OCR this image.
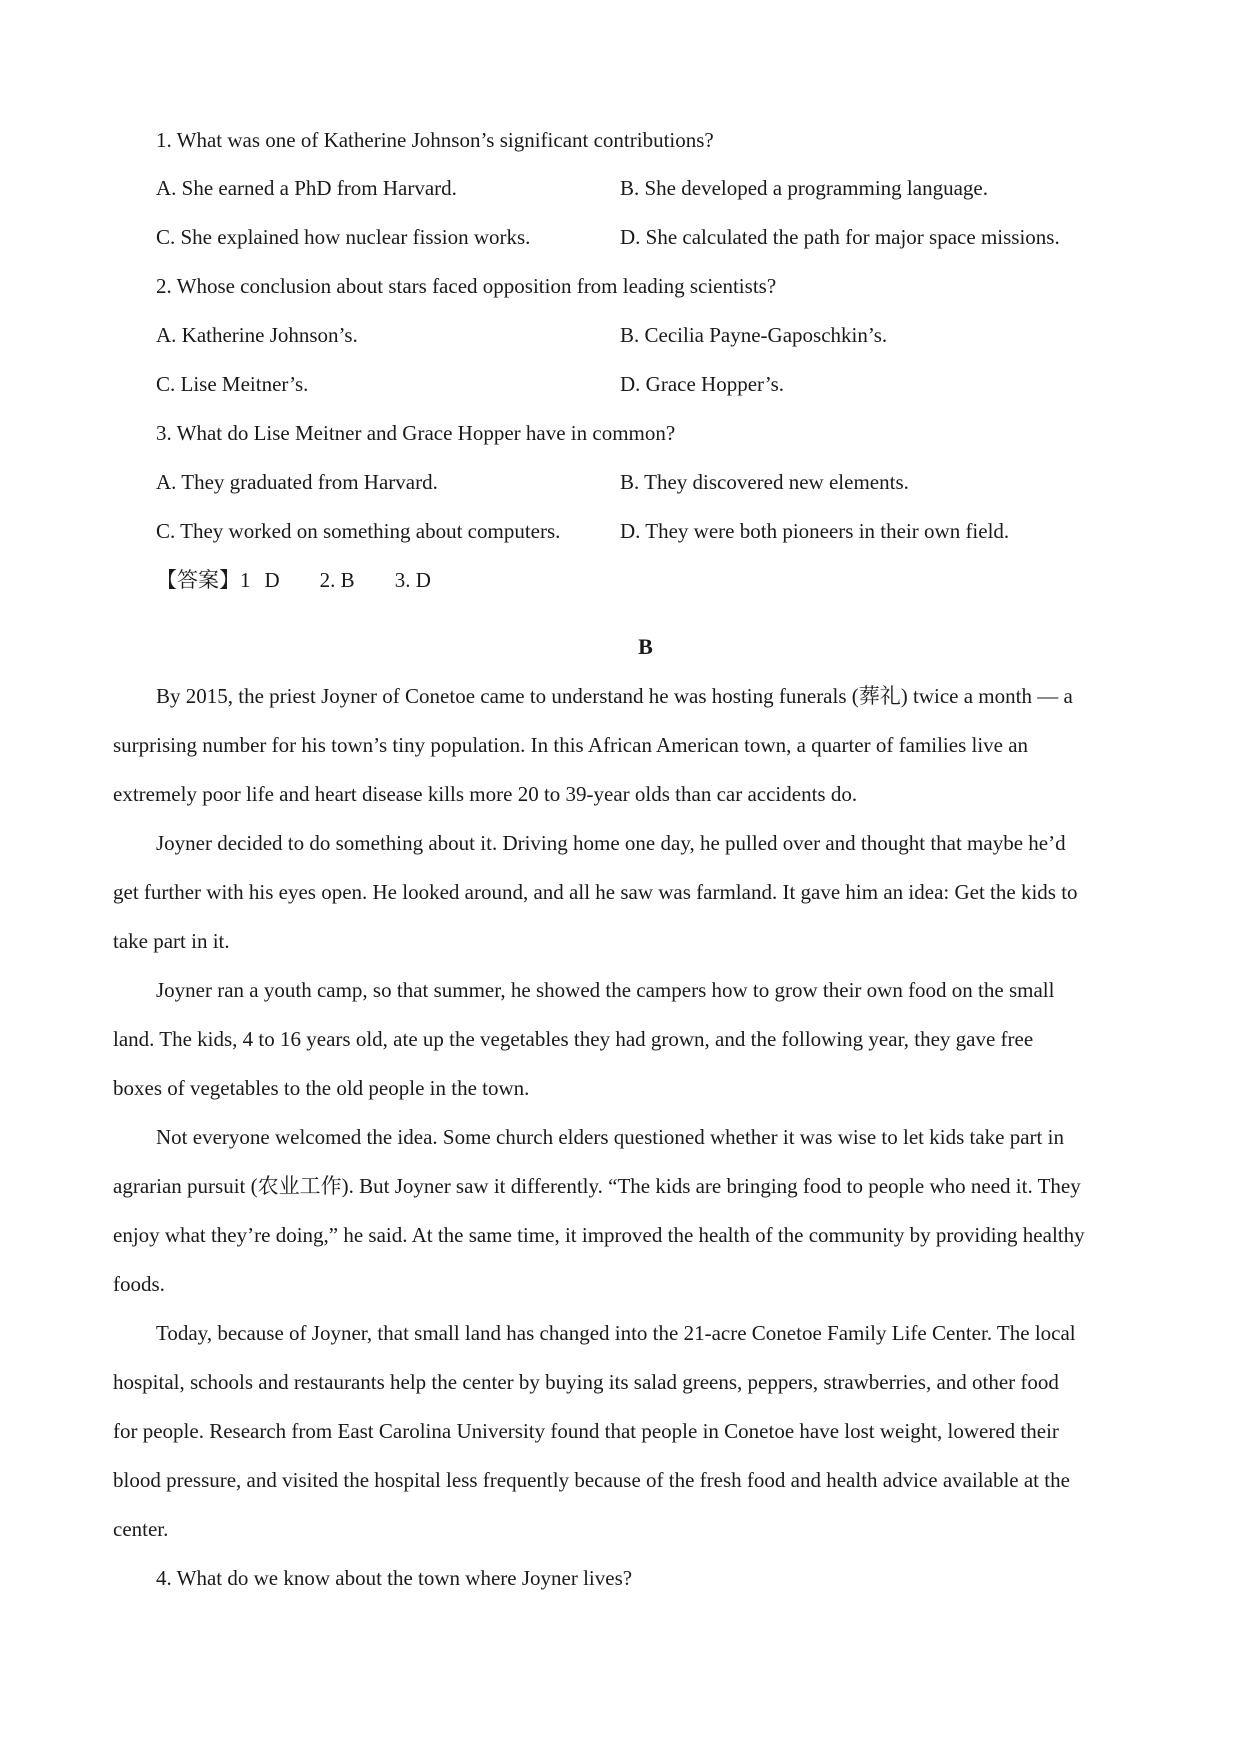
1. What was one of Katherine Johnson’s significant contributions?
A. She earned a PhD from Harvard.	B. She developed a programming language.
C. She explained how nuclear fission works.	D. She calculated the path for major space missions.
2. Whose conclusion about stars faced opposition from leading scientists?
A. Katherine Johnson’s.	B. Cecilia Payne-Gaposchkin’s.
C. Lise Meitner’s.	D. Grace Hopper’s.
3. What do Lise Meitner and Grace Hopper have in common?
A. They graduated from Harvard.	B. They discovered new elements.
C. They worked on something about computers.	D. They were both pioneers in their own field.
【答案】1 D 2. B 3. D
B
By 2015, the priest Joyner of Conetoe came to understand he was hosting funerals (葬礼) twice a month — a
surprising number for his town’s tiny population. In this African American town, a quarter of families live an
extremely poor life and heart disease kills more 20 to 39-year olds than car accidents do.
Joyner decided to do something about it. Driving home one day, he pulled over and thought that maybe he’d
get further with his eyes open. He looked around, and all he saw was farmland. It gave him an idea: Get the kids to
take part in it.
Joyner ran a youth camp, so that summer, he showed the campers how to grow their own food on the small
land. The kids, 4 to 16 years old, ate up the vegetables they had grown, and the following year, they gave free
boxes of vegetables to the old people in the town.
Not everyone welcomed the idea. Some church elders questioned whether it was wise to let kids take part in
agrarian pursuit (农业工作). But Joyner saw it differently. “The kids are bringing food to people who need it. They
enjoy what they’re doing,” he said. At the same time, it improved the health of the community by providing healthy
foods.
Today, because of Joyner, that small land has changed into the 21-acre Conetoe Family Life Center. The local
hospital, schools and restaurants help the center by buying its salad greens, peppers, strawberries, and other food
for people. Research from East Carolina University found that people in Conetoe have lost weight, lowered their
blood pressure, and visited the hospital less frequently because of the fresh food and health advice available at the
center.
4. What do we know about the town where Joyner lives?
